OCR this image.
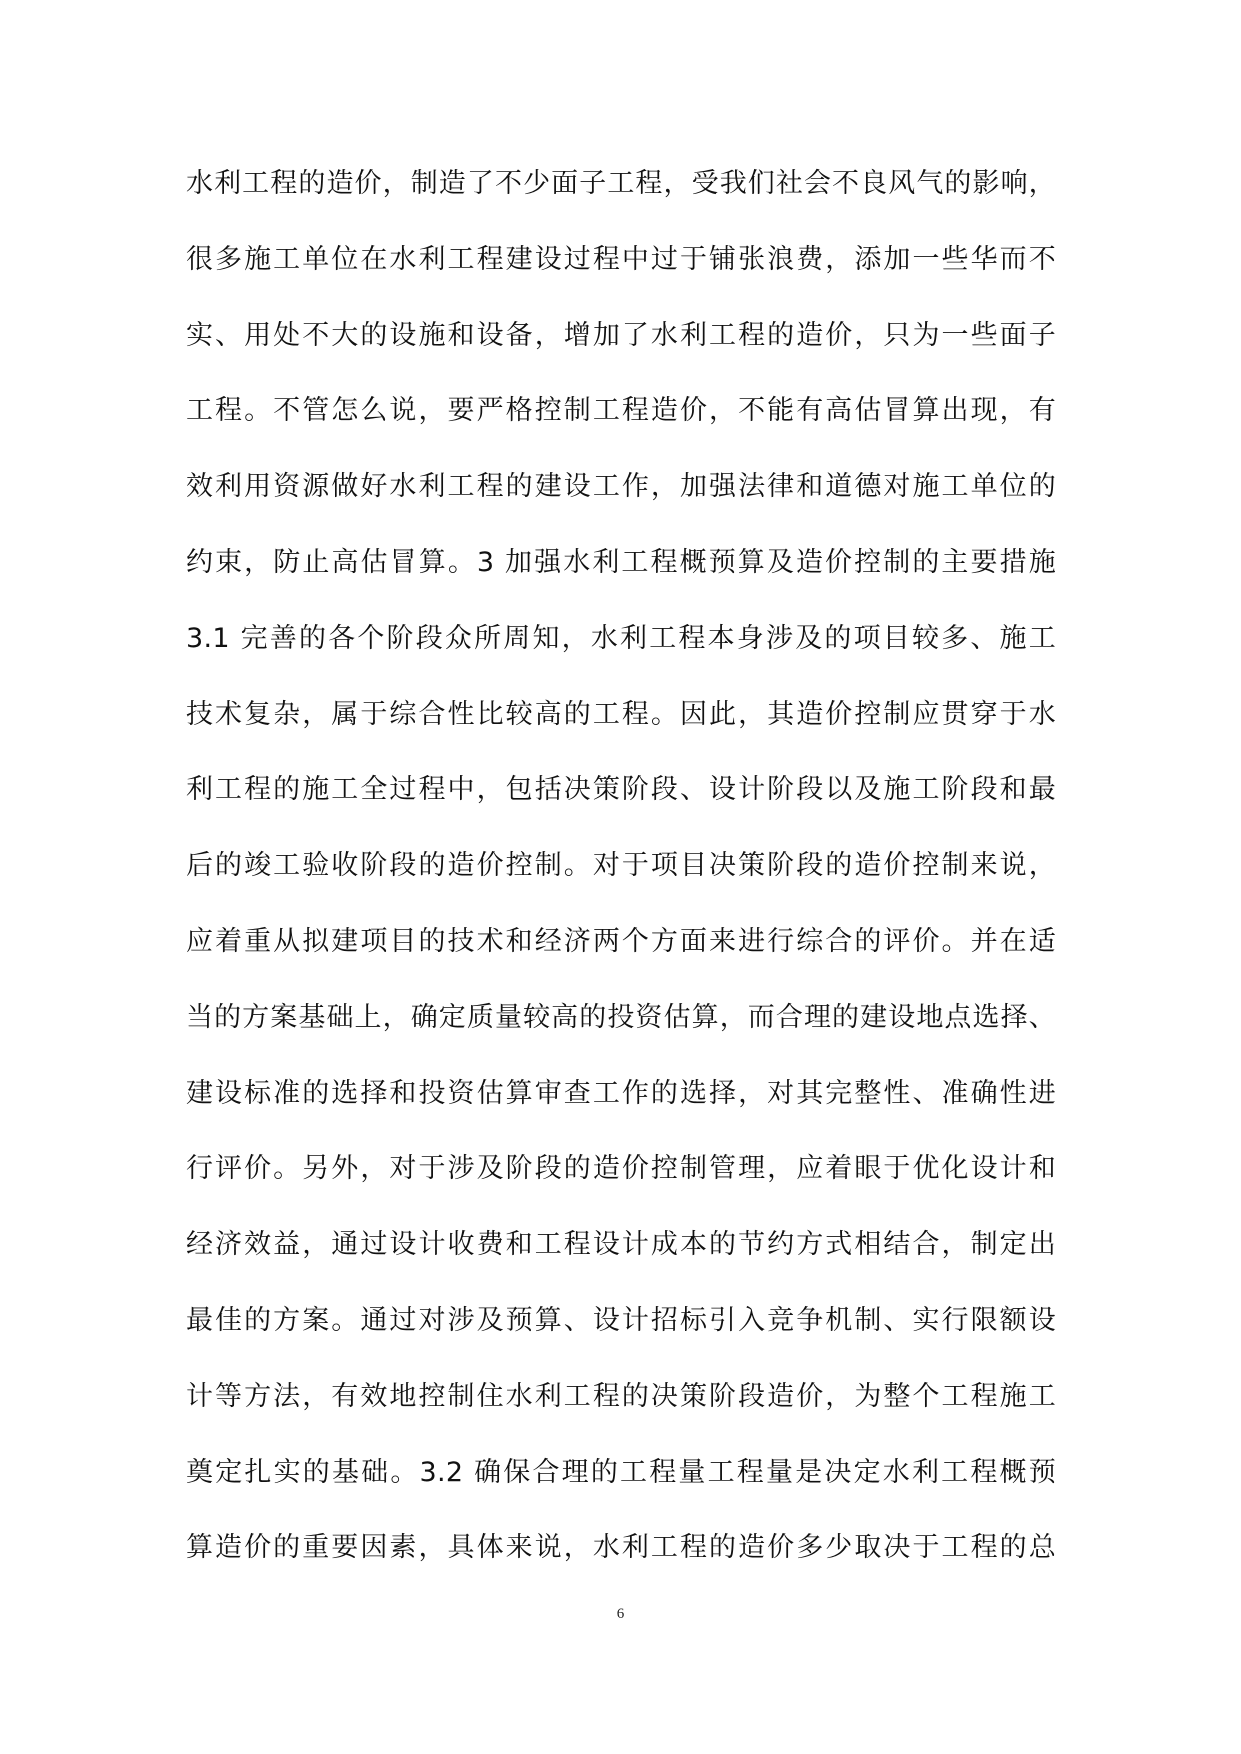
水利工程的造价，制造了不少面子工程，受我们社会不良风气的影响，
很多施工单位在水利工程建设过程中过于铺张浪费，添加一些华而不
实、用处不大的设施和设备，增加了水利工程的造价，只为一些面子
工程。不管怎么说，要严格控制工程造价，不能有高估冒算出现，有
效利用资源做好水利工程的建设工作，加强法律和道德对施工单位的
约束，防止高估冒算。3 加强水利工程概预算及造价控制的主要措施
3.1 完善的各个阶段众所周知，水利工程本身涉及的项目较多、施工
技术复杂，属于综合性比较高的工程。因此，其造价控制应贯穿于水
利工程的施工全过程中，包括决策阶段、设计阶段以及施工阶段和最
后的竣工验收阶段的造价控制。对于项目决策阶段的造价控制来说，
应着重从拟建项目的技术和经济两个方面来进行综合的评价。并在适
当的方案基础上，确定质量较高的投资估算，而合理的建设地点选择、
建设标准的选择和投资估算审查工作的选择，对其完整性、准确性进
行评价。另外，对于涉及阶段的造价控制管理，应着眼于优化设计和
经济效益，通过设计收费和工程设计成本的节约方式相结合，制定出
最佳的方案。通过对涉及预算、设计招标引入竞争机制、实行限额设
计等方法，有效地控制住水利工程的决策阶段造价，为整个工程施工
奠定扎实的基础。3.2 确保合理的工程量工程量是决定水利工程概预
算造价的重要因素，具体来说，水利工程的造价多少取决于工程的总
6
